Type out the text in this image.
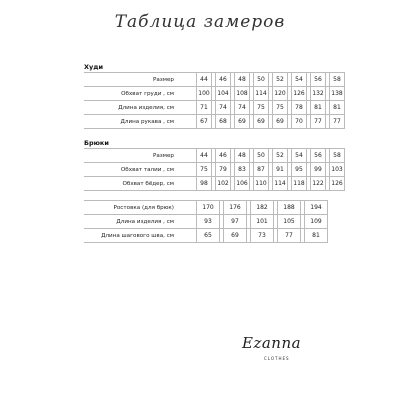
Таблица замеров
Худи
Размер	44		46		48		50		52		54		56		58
Обхват груди , см	100		104		108		114		120		126		132		138
Длина изделия, см	71		74		74		75		75		78		81		81
Длина рукава , см	67		68		69		69		69		70		77		77
Брюки
Размер	44		46		48		50		52		54		56		58
Обхват талии , см	75		79		83		87		91		95		99		103
Обхват бёдер, см	98		102		106		110		114		118		122		126
Ростовка (для брюк)	170		176		182		188		194
Длина изделия , см	93		97		101		105		109
Длина шагового шва, см	65		69		73		77		81
Ezanna
CLOTHES
